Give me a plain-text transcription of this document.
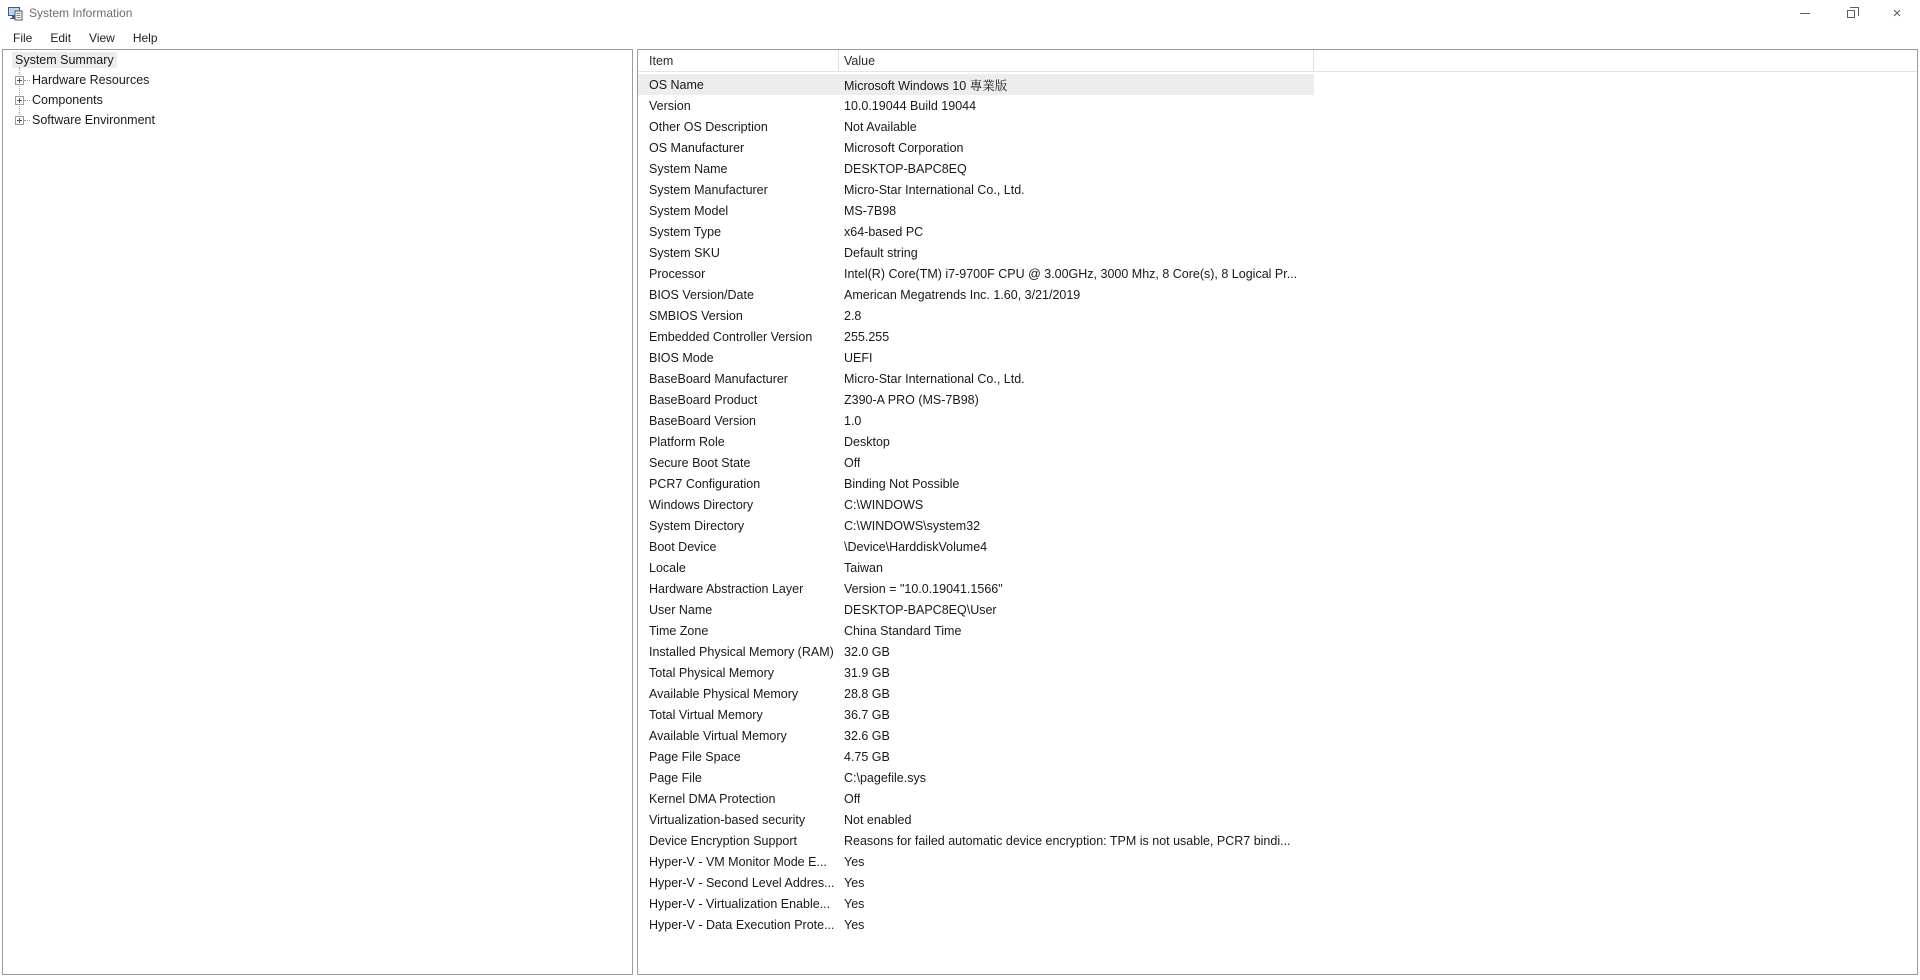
System Information	×
File	Edit	View	Help
System Summary
Hardware Resources
Components
Software Environment
Item	Value
OS Name	Microsoft Windows 10 專業版
Version	10.0.19044 Build 19044
Other OS Description	Not Available
OS Manufacturer	Microsoft Corporation
System Name	DESKTOP-BAPC8EQ
System Manufacturer	Micro-Star International Co., Ltd.
System Model	MS-7B98
System Type	x64-based PC
System SKU	Default string
Processor	Intel(R) Core(TM) i7-9700F CPU @ 3.00GHz, 3000 Mhz, 8 Core(s), 8 Logical Pr...
BIOS Version/Date	American Megatrends Inc. 1.60, 3/21/2019
SMBIOS Version	2.8
Embedded Controller Version	255.255
BIOS Mode	UEFI
BaseBoard Manufacturer	Micro-Star International Co., Ltd.
BaseBoard Product	Z390-A PRO (MS-7B98)
BaseBoard Version	1.0
Platform Role	Desktop
Secure Boot State	Off
PCR7 Configuration	Binding Not Possible
Windows Directory	C:\WINDOWS
System Directory	C:\WINDOWS\system32
Boot Device	\Device\HarddiskVolume4
Locale	Taiwan
Hardware Abstraction Layer	Version = "10.0.19041.1566"
User Name	DESKTOP-BAPC8EQ\User
Time Zone	China Standard Time
Installed Physical Memory (RAM) 32.0 GB
Total Physical Memory	31.9 GB
Available Physical Memory	28.8 GB
Total Virtual Memory	36.7 GB
Available Virtual Memory	32.6 GB
Page File Space	4.75 GB
Page File	C:\pagefile.sys
Kernel DMA Protection	Off
Virtualization-based security	Not enabled
Device Encryption Support	Reasons for failed automatic device encryption: TPM is not usable, PCR7 bindi...
Hyper-V - VM Monitor Mode E...	Yes
Hyper-V - Second Level Addres... Yes
Hyper-V - Virtualization Enable...	Yes
Hyper-V - Data Execution Prote... Yes
